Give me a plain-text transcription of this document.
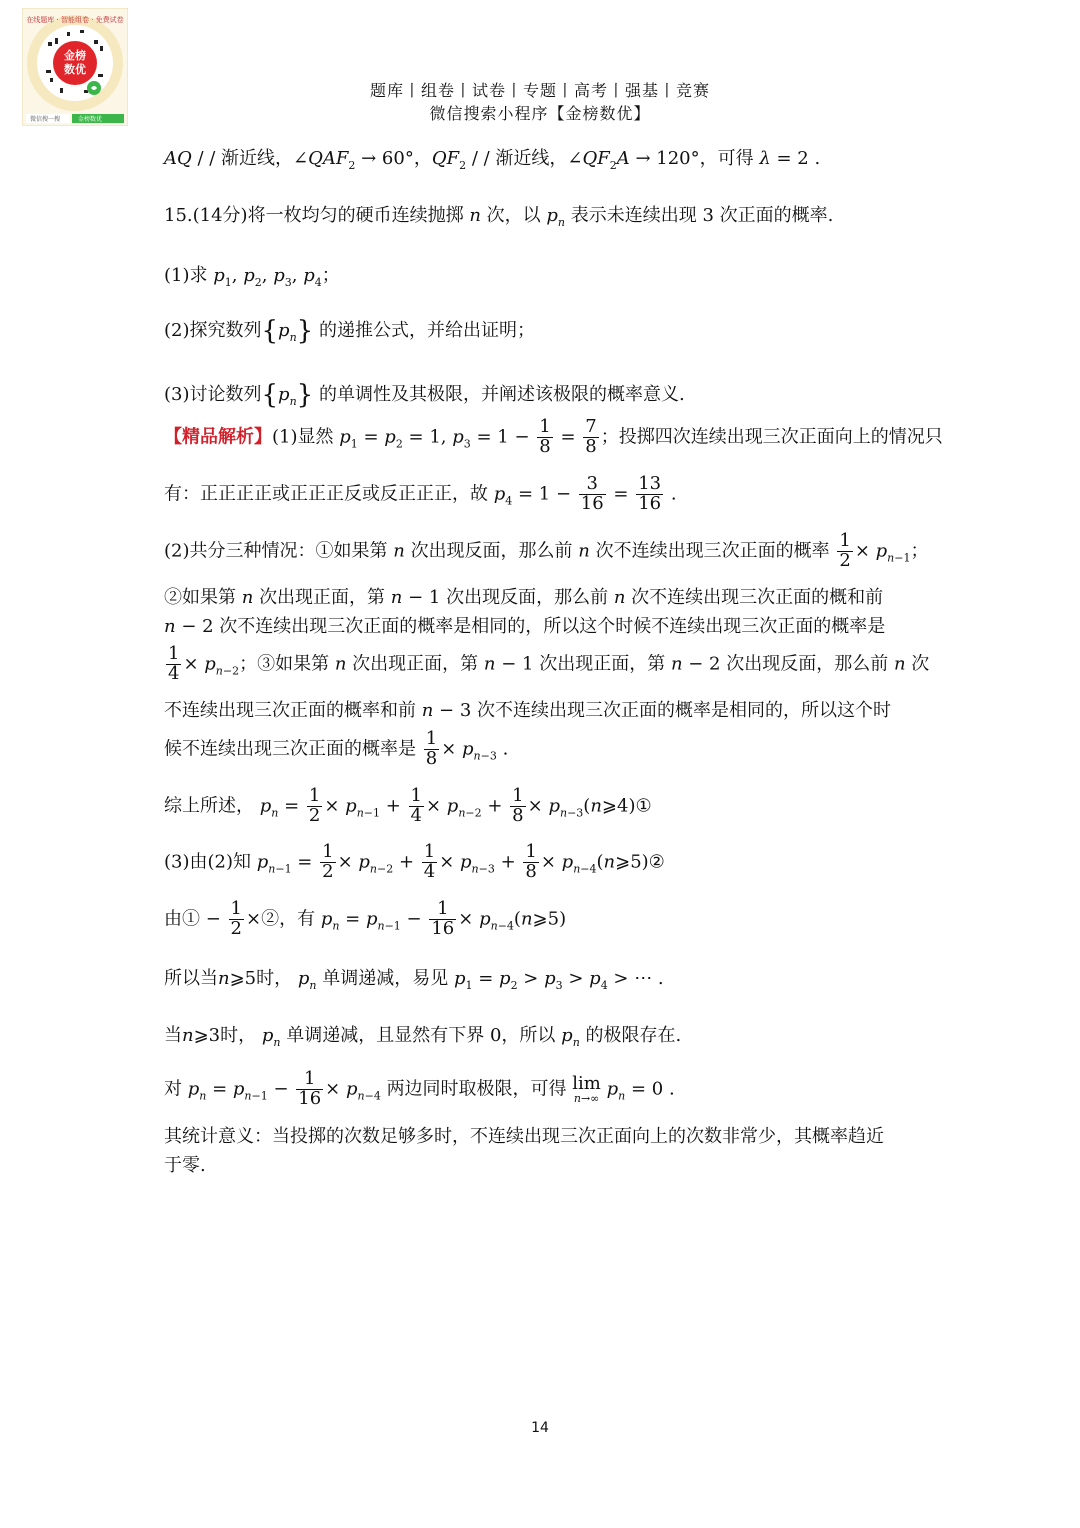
金榜
数优
在线题库 · 智能组卷 · 免费试卷
微信搜一搜	金榜数优
题库丨组卷丨试卷丨专题丨高考丨强基丨竞赛
微信搜索小程序【金榜数优】
AQ / / 渐近线，$\angle QAF_2 \to 60^\circ$，$QF_2$ / / 渐近线，$\angle QF_2A \to 120^\circ$，可得 λ = 2 .
15.(14分)将一枚均匀的硬币连续抛掷 n 次，以 $p_n$ 表示未连续出现 3 次正面的概率.
(1)求 $p_1$, $p_2$, $p_3$, $p_4$；
(2)探究数列$\{p_n\}$ 的递推公式，并给出证明；
(3)讨论数列$\{p_n\}$ 的单调性及其极限，并阐述该极限的概率意义.
【精品解析】(1)显然 $p_1 = p_2 = 1$, $p_3 = 1 - \frac{1}{8} = \frac{7}{8}$ ；投掷四次连续出现三次正面向上的情况只
有：正正正正或正正正反或反正正正，故 $p_4 = 1 - \frac{3}{16} = \frac{13}{16}$ .
(2)共分三种情况：①如果第 n 次出现反面，那么前 n 次不连续出现三次正面的概率 $\frac{1}{2} \times p_{n-1}$；
②如果第 n 次出现正面，第 n − 1 次出现反面，那么前 n 次不连续出现三次正面的概和前
n − 2 次不连续出现三次正面的概率是相同的，所以这个时候不连续出现三次正面的概率是
$\frac{1}{4} \times p_{n-2}$；③如果第 n 次出现正面，第 n − 1 次出现正面，第 n − 2 次出现反面，那么前 n 次
不连续出现三次正面的概率和前 n − 3 次不连续出现三次正面的概率是相同的，所以这个时
候不连续出现三次正面的概率是 $\frac{1}{8} \times p_{n-3}$ .
综上所述， $p_n = \frac{1}{2} \times p_{n-1} + \frac{1}{4} \times p_{n-2} + \frac{1}{8}$ × $p_{n-3}(n⩾4)①$
(3)由(2)知 $p_{n-1} = \frac{1}{2} \times p_{n-2} + \frac{1}{4} \times p_{n-3} + \frac{1}{8}$ × $p_{n-4}(n⩾5)②$
由① − $\frac{1}{2}$ ×②，有 $p_n = p_{n-1} - \frac{1}{16}$ × $p_{n-4}(n⩾5)$
所以当n⩾5时， $p_n$ 单调递减，易见 $p_1 = p_2 > p_3 > p_4$ > ⋯ .
当n⩾3时， $p_n$ 单调递减，且显然有下界 0，所以 $p_n$ 的极限存在.
对 $p_n = p_{n-1} - \frac{1}{16} \times p_{n-4}$ 两边同时取极限，可得 lim
n→∞ $p_n = 0$ .
其统计意义：当投掷的次数足够多时，不连续出现三次正面向上的次数非常少，其概率趋近
于零.
14
